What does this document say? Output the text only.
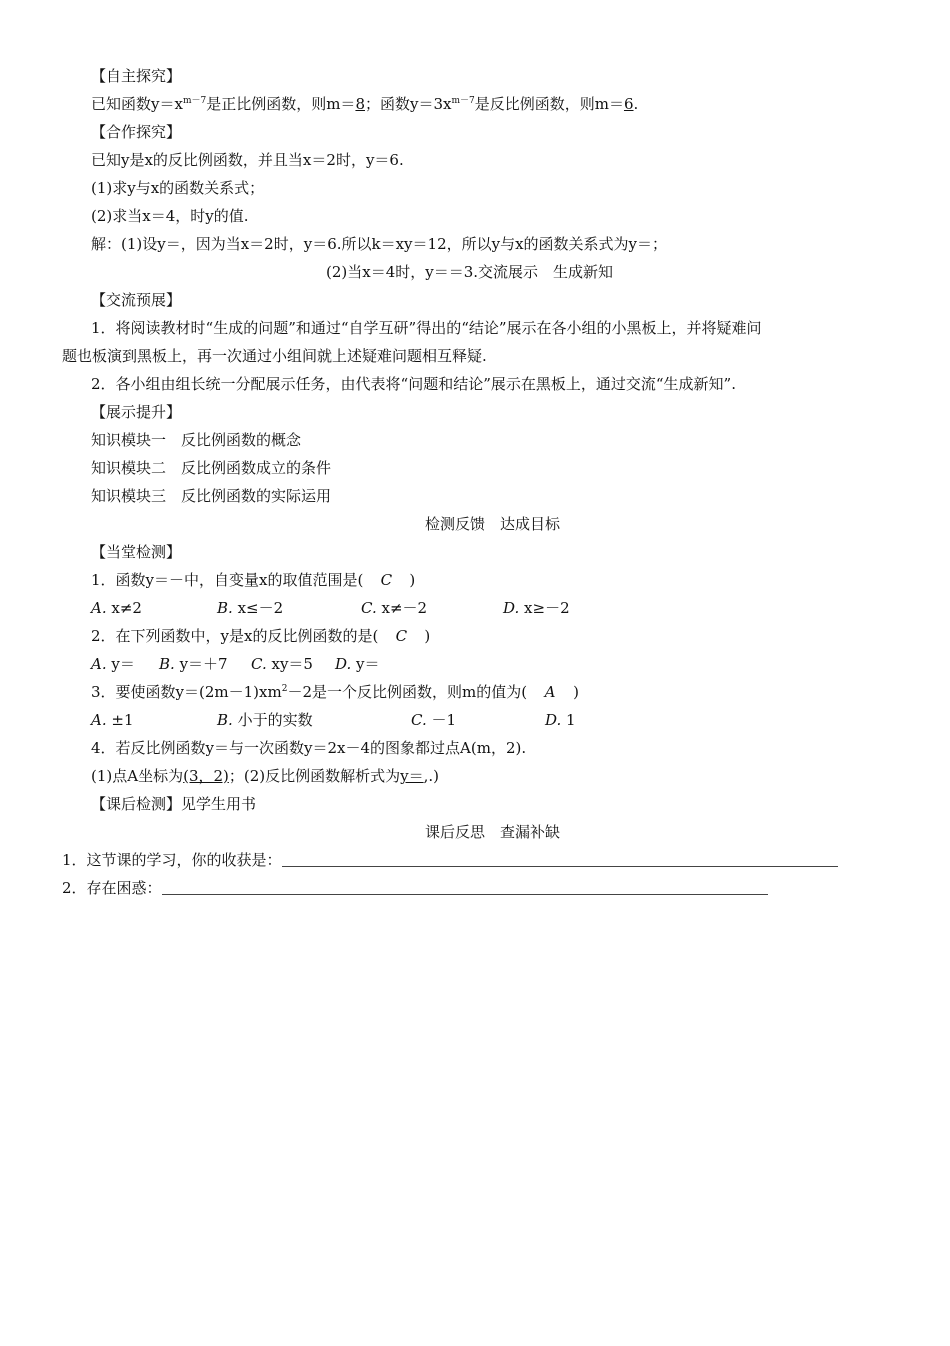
【自主探究】
已知函数$y=x^{m-7}$是正比例函数，则m＝8；函数$y=3x^{m-7}$是反比例函数，则m＝6.
【合作探究】
已知y是x的反比例函数，并且当x＝2时，y＝6.
(1)求y与x的函数关系式；
(2)求当x＝4，时y的值.
解：(1)设y＝，因为当x＝2时，y＝6.所以k＝xy＝12，所以y与x的函数关系式为y＝；
(2)当x＝4时，y＝＝3.交流展示　生成新知
【交流预展】
1．将阅读教材时“生成的问题”和通过“自学互研”得出的“结论”展示在各小组的小黑板上，并将疑难问
题也板演到黑板上，再一次通过小组间就上述疑难问题相互释疑.
2．各小组由组长统一分配展示任务，由代表将“问题和结论”展示在黑板上，通过交流“生成新知”.
【展示提升】
知识模块一　反比例函数的概念
知识模块二　反比例函数成立的条件
知识模块三　反比例函数的实际运用
检测反馈　达成目标
【当堂检测】
1．函数y＝－中，自变量x的取值范围是( C )
A. x≠2	B. x≤－2	C. x≠－2	D. x≥－2
2．在下列函数中，y是x的反比例函数的是( C )
A. y＝ B. y＝＋7 C. xy＝5 D. y＝
3．要使函数$y=(2m-1)xm^2-2$是一个反比例函数，则m的值为( A )
A. ±1	B. 小于的实数	C. －1	D. 1
4．若反比例函数y＝与一次函数y＝2x－4的图象都过点A(m，2).
(1)点A坐标为(3，2)；(2)反比例函数解析式为y＝,.)
【课后检测】见学生用书
课后反思　查漏补缺
1．这节课的学习，你的收获是：
2．存在困惑：
